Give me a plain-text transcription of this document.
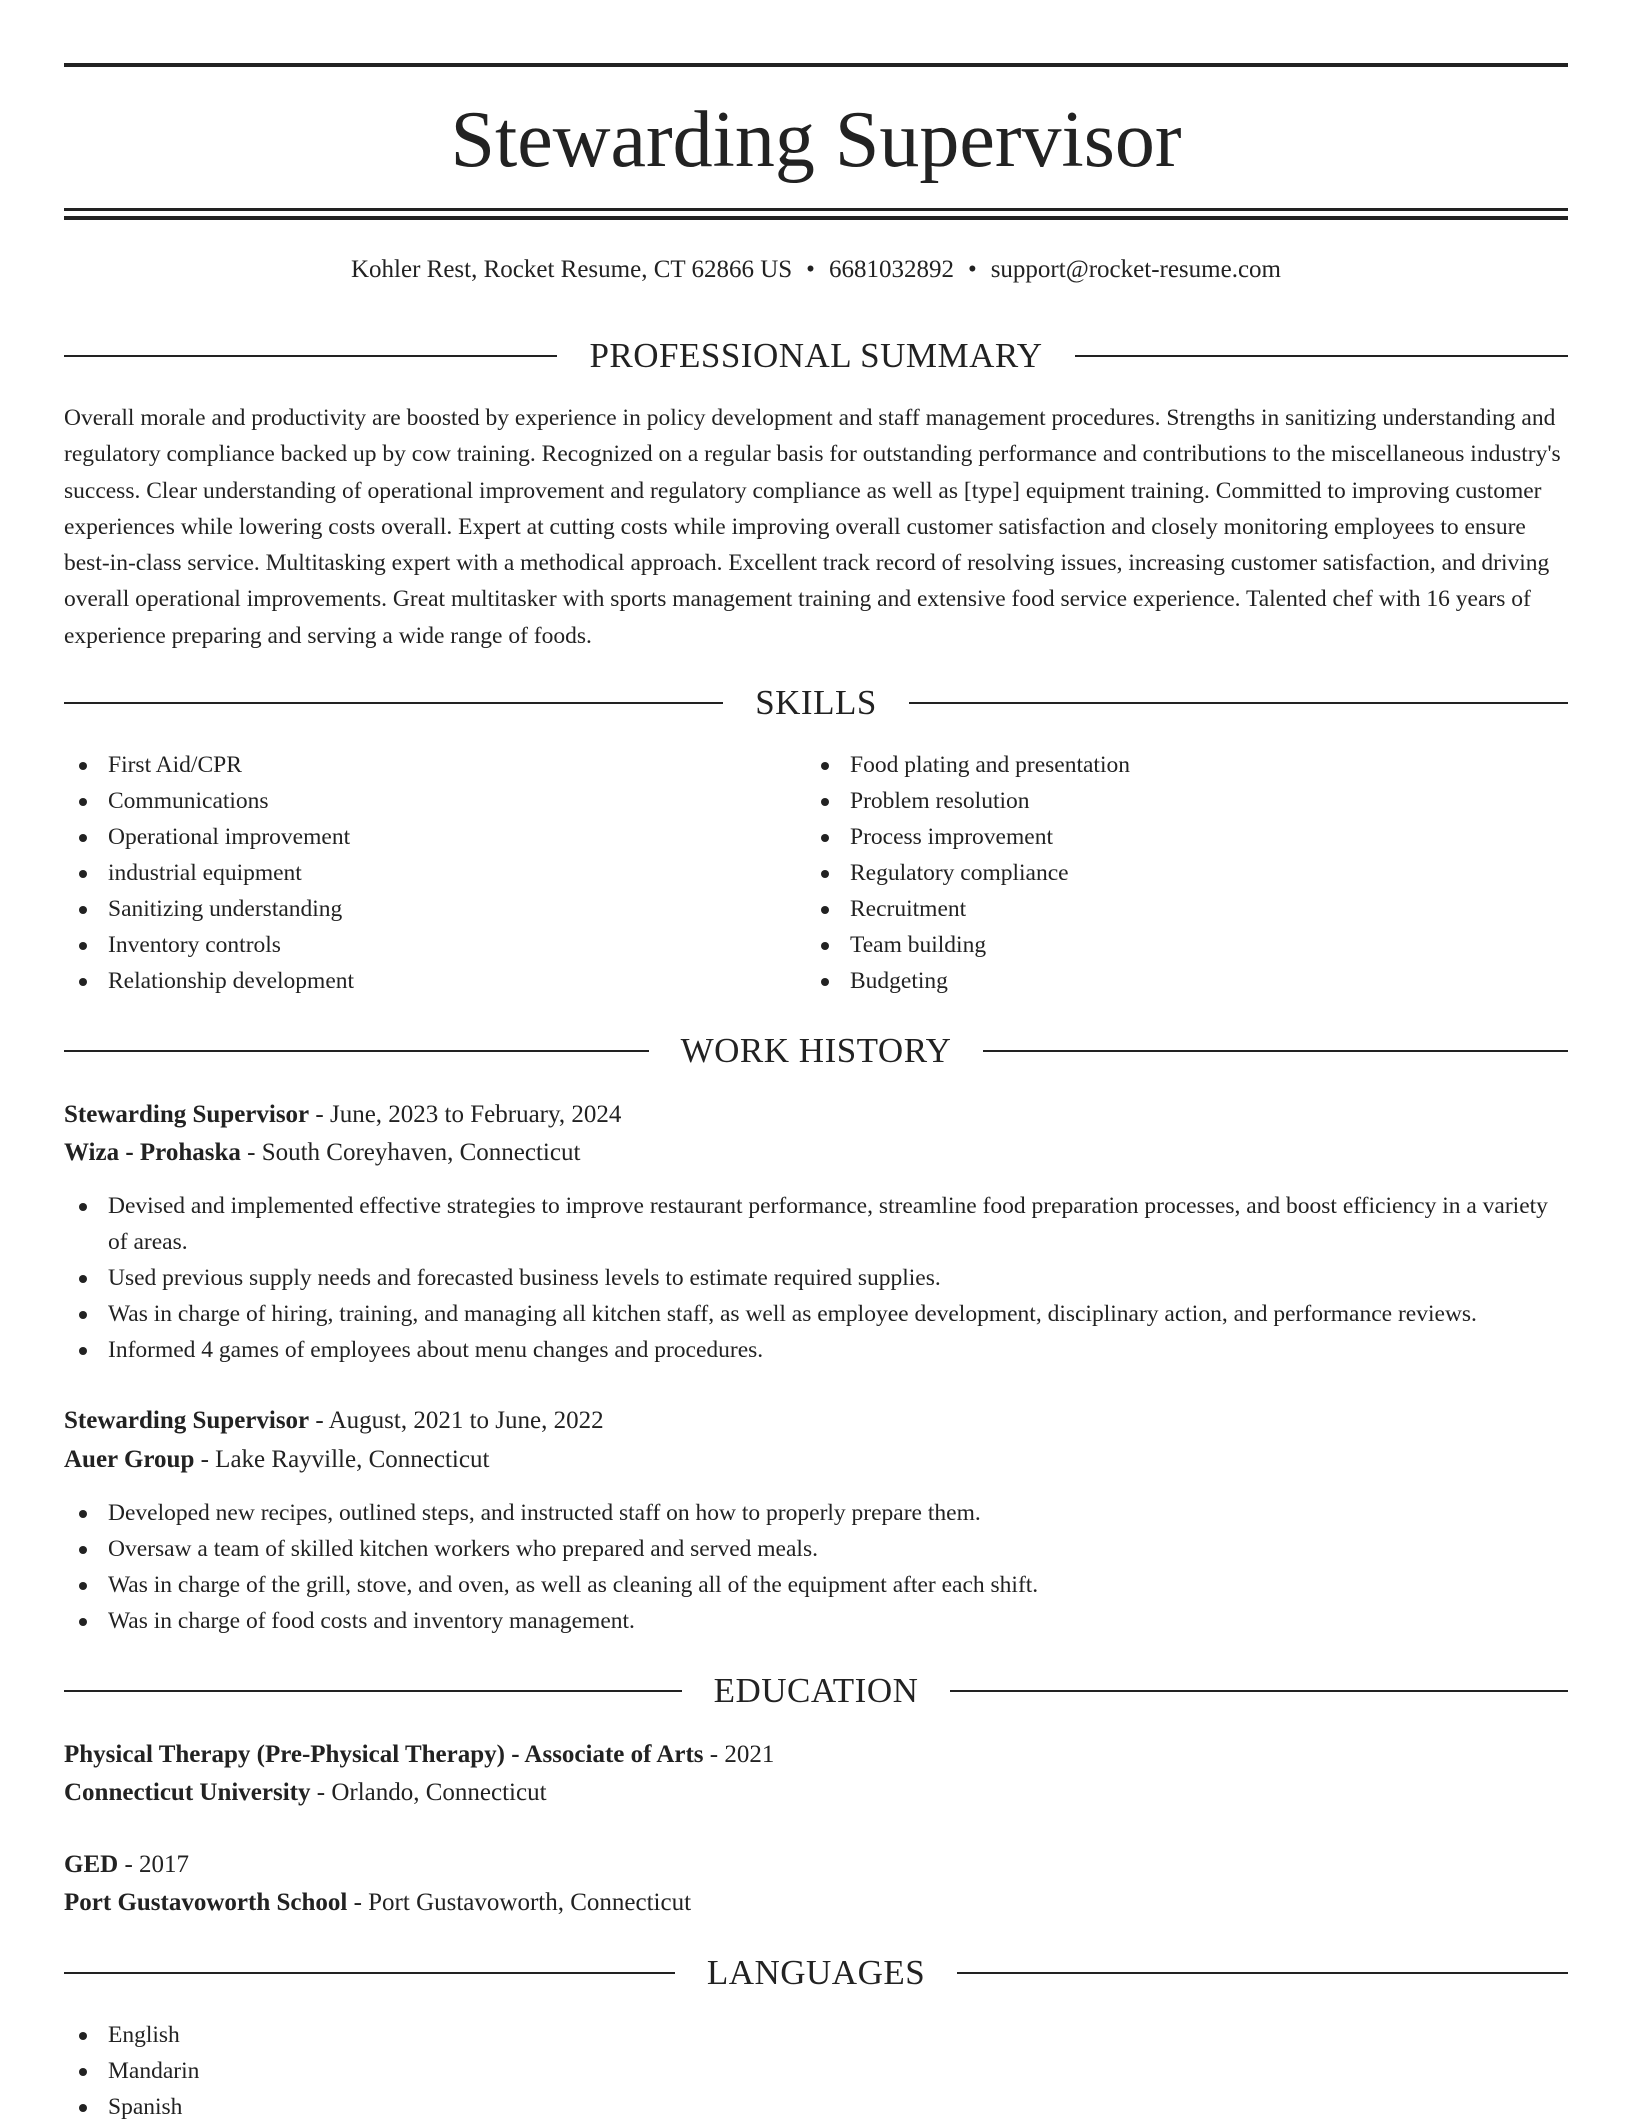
Stewarding Supervisor
Kohler Rest, Rocket Resume, CT 62866 US • 6681032892 • support@rocket-resume.com
PROFESSIONAL SUMMARY

Overall morale and productivity are boosted by experience in policy development and staff management procedures. Strengths in sanitizing understanding and regulatory compliance backed up by cow training. Recognized on a regular basis for outstanding performance and contributions to the miscellaneous industry's success. Clear understanding of operational improvement and regulatory compliance as well as [type] equipment training. Committed to improving customer experiences while lowering costs overall. Expert at cutting costs while improving overall customer satisfaction and closely monitoring employees to ensure best-in-class service. Multitasking expert with a methodical approach. Excellent track record of resolving issues, increasing customer satisfaction, and driving overall operational improvements. Great multitasker with sports management training and extensive food service experience. Talented chef with 16 years of experience preparing and serving a wide range of foods.

SKILLS
First Aid/CPR
Communications
Operational improvement
industrial equipment
Sanitizing understanding
Inventory controls
Relationship development
Food plating and presentation
Problem resolution
Process improvement
Regulatory compliance
Recruitment
Team building
Budgeting
WORK HISTORY
Stewarding Supervisor - June, 2023 to February, 2024
Wiza - Prohaska - South Coreyhaven, Connecticut
Devised and implemented effective strategies to improve restaurant performance, streamline food preparation processes, and boost efficiency in a variety of areas.
Used previous supply needs and forecasted business levels to estimate required supplies.
Was in charge of hiring, training, and managing all kitchen staff, as well as employee development, disciplinary action, and performance reviews.
Informed 4 games of employees about menu changes and procedures.
Stewarding Supervisor - August, 2021 to June, 2022
Auer Group - Lake Rayville, Connecticut
Developed new recipes, outlined steps, and instructed staff on how to properly prepare them.
Oversaw a team of skilled kitchen workers who prepared and served meals.
Was in charge of the grill, stove, and oven, as well as cleaning all of the equipment after each shift.
Was in charge of food costs and inventory management.
EDUCATION
Physical Therapy (Pre-Physical Therapy) - Associate of Arts - 2021
Connecticut University - Orlando, Connecticut
GED - 2017
Port Gustavoworth School - Port Gustavoworth, Connecticut
LANGUAGES
English
Mandarin
Spanish
